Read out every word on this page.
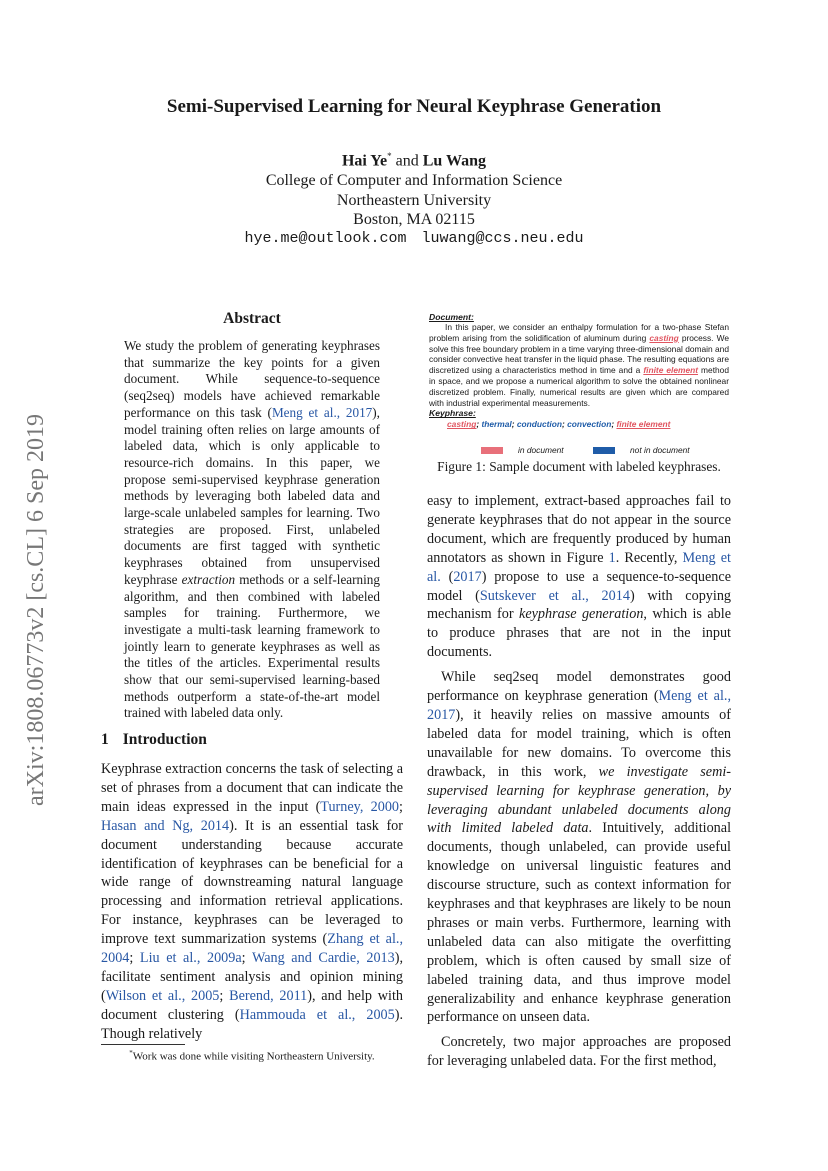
arXiv:1808.06773v2 [cs.CL] 6 Sep 2019
Semi-Supervised Learning for Neural Keyphrase Generation
Hai Ye* and Lu Wang
College of Computer and Information Science
Northeastern University
Boston, MA 02115
hye.me@outlook.com luwang@ccs.neu.edu
Abstract
We study the problem of generating keyphrases that summarize the key points for a given document. While sequence-to-sequence (seq2seq) models have achieved remarkable performance on this task (Meng et al., 2017), model training often relies on large amounts of labeled data, which is only applicable to resource-rich domains. In this paper, we propose semi-supervised keyphrase generation methods by leveraging both labeled data and large-scale unlabeled samples for learning. Two strategies are proposed. First, unlabeled documents are first tagged with synthetic keyphrases obtained from unsupervised keyphrase extraction methods or a self-learning algorithm, and then combined with labeled samples for training. Furthermore, we investigate a multi-task learning framework to jointly learn to generate keyphrases as well as the titles of the articles. Experimental results show that our semi-supervised learning-based methods outperform a state-of-the-art model trained with labeled data only.
1 Introduction
Keyphrase extraction concerns the task of selecting a set of phrases from a document that can indicate the main ideas expressed in the input (Turney, 2000; Hasan and Ng, 2014). It is an essential task for document understanding because accurate identification of keyphrases can be beneficial for a wide range of downstreaming natural language processing and information retrieval applications. For instance, keyphrases can be leveraged to improve text summarization systems (Zhang et al., 2004; Liu et al., 2009a; Wang and Cardie, 2013), facilitate sentiment analysis and opinion mining (Wilson et al., 2005; Berend, 2011), and help with document clustering (Hammouda et al., 2005). Though relatively
*Work was done while visiting Northeastern University.
Document:

In this paper, we consider an enthalpy formulation for a two-phase Stefan problem arising from the solidification of aluminum during casting process. We solve this free boundary problem in a time varying three-dimensional domain and consider convective heat transfer in the liquid phase. The resulting equations are discretized using a characteristics method in time and a finite element method in space, and we propose a numerical algorithm to solve the obtained nonlinear discretized problem. Finally, numerical results are given which are compared with industrial experimental measurements.

Keyphrase:
casting; thermal; conduction; convection; finite element
in document	not in document
Figure 1: Sample document with labeled keyphrases.

easy to implement, extract-based approaches fail to generate keyphrases that do not appear in the source document, which are frequently produced by human annotators as shown in Figure 1. Recently, Meng et al. (2017) propose to use a sequence-to-sequence model (Sutskever et al., 2014) with copying mechanism for keyphrase generation, which is able to produce phrases that are not in the input documents.

While seq2seq model demonstrates good performance on keyphrase generation (Meng et al., 2017), it heavily relies on massive amounts of labeled data for model training, which is often unavailable for new domains. To overcome this drawback, in this work, we investigate semi-supervised learning for keyphrase generation, by leveraging abundant unlabeled documents along with limited labeled data. Intuitively, additional documents, though unlabeled, can provide useful knowledge on universal linguistic features and discourse structure, such as context information for keyphrases and that keyphrases are likely to be noun phrases or main verbs. Furthermore, learning with unlabeled data can also mitigate the overfitting problem, which is often caused by small size of labeled training data, and thus improve model generalizability and enhance keyphrase generation performance on unseen data.

Concretely, two major approaches are proposed for leveraging unlabeled data. For the first method,
